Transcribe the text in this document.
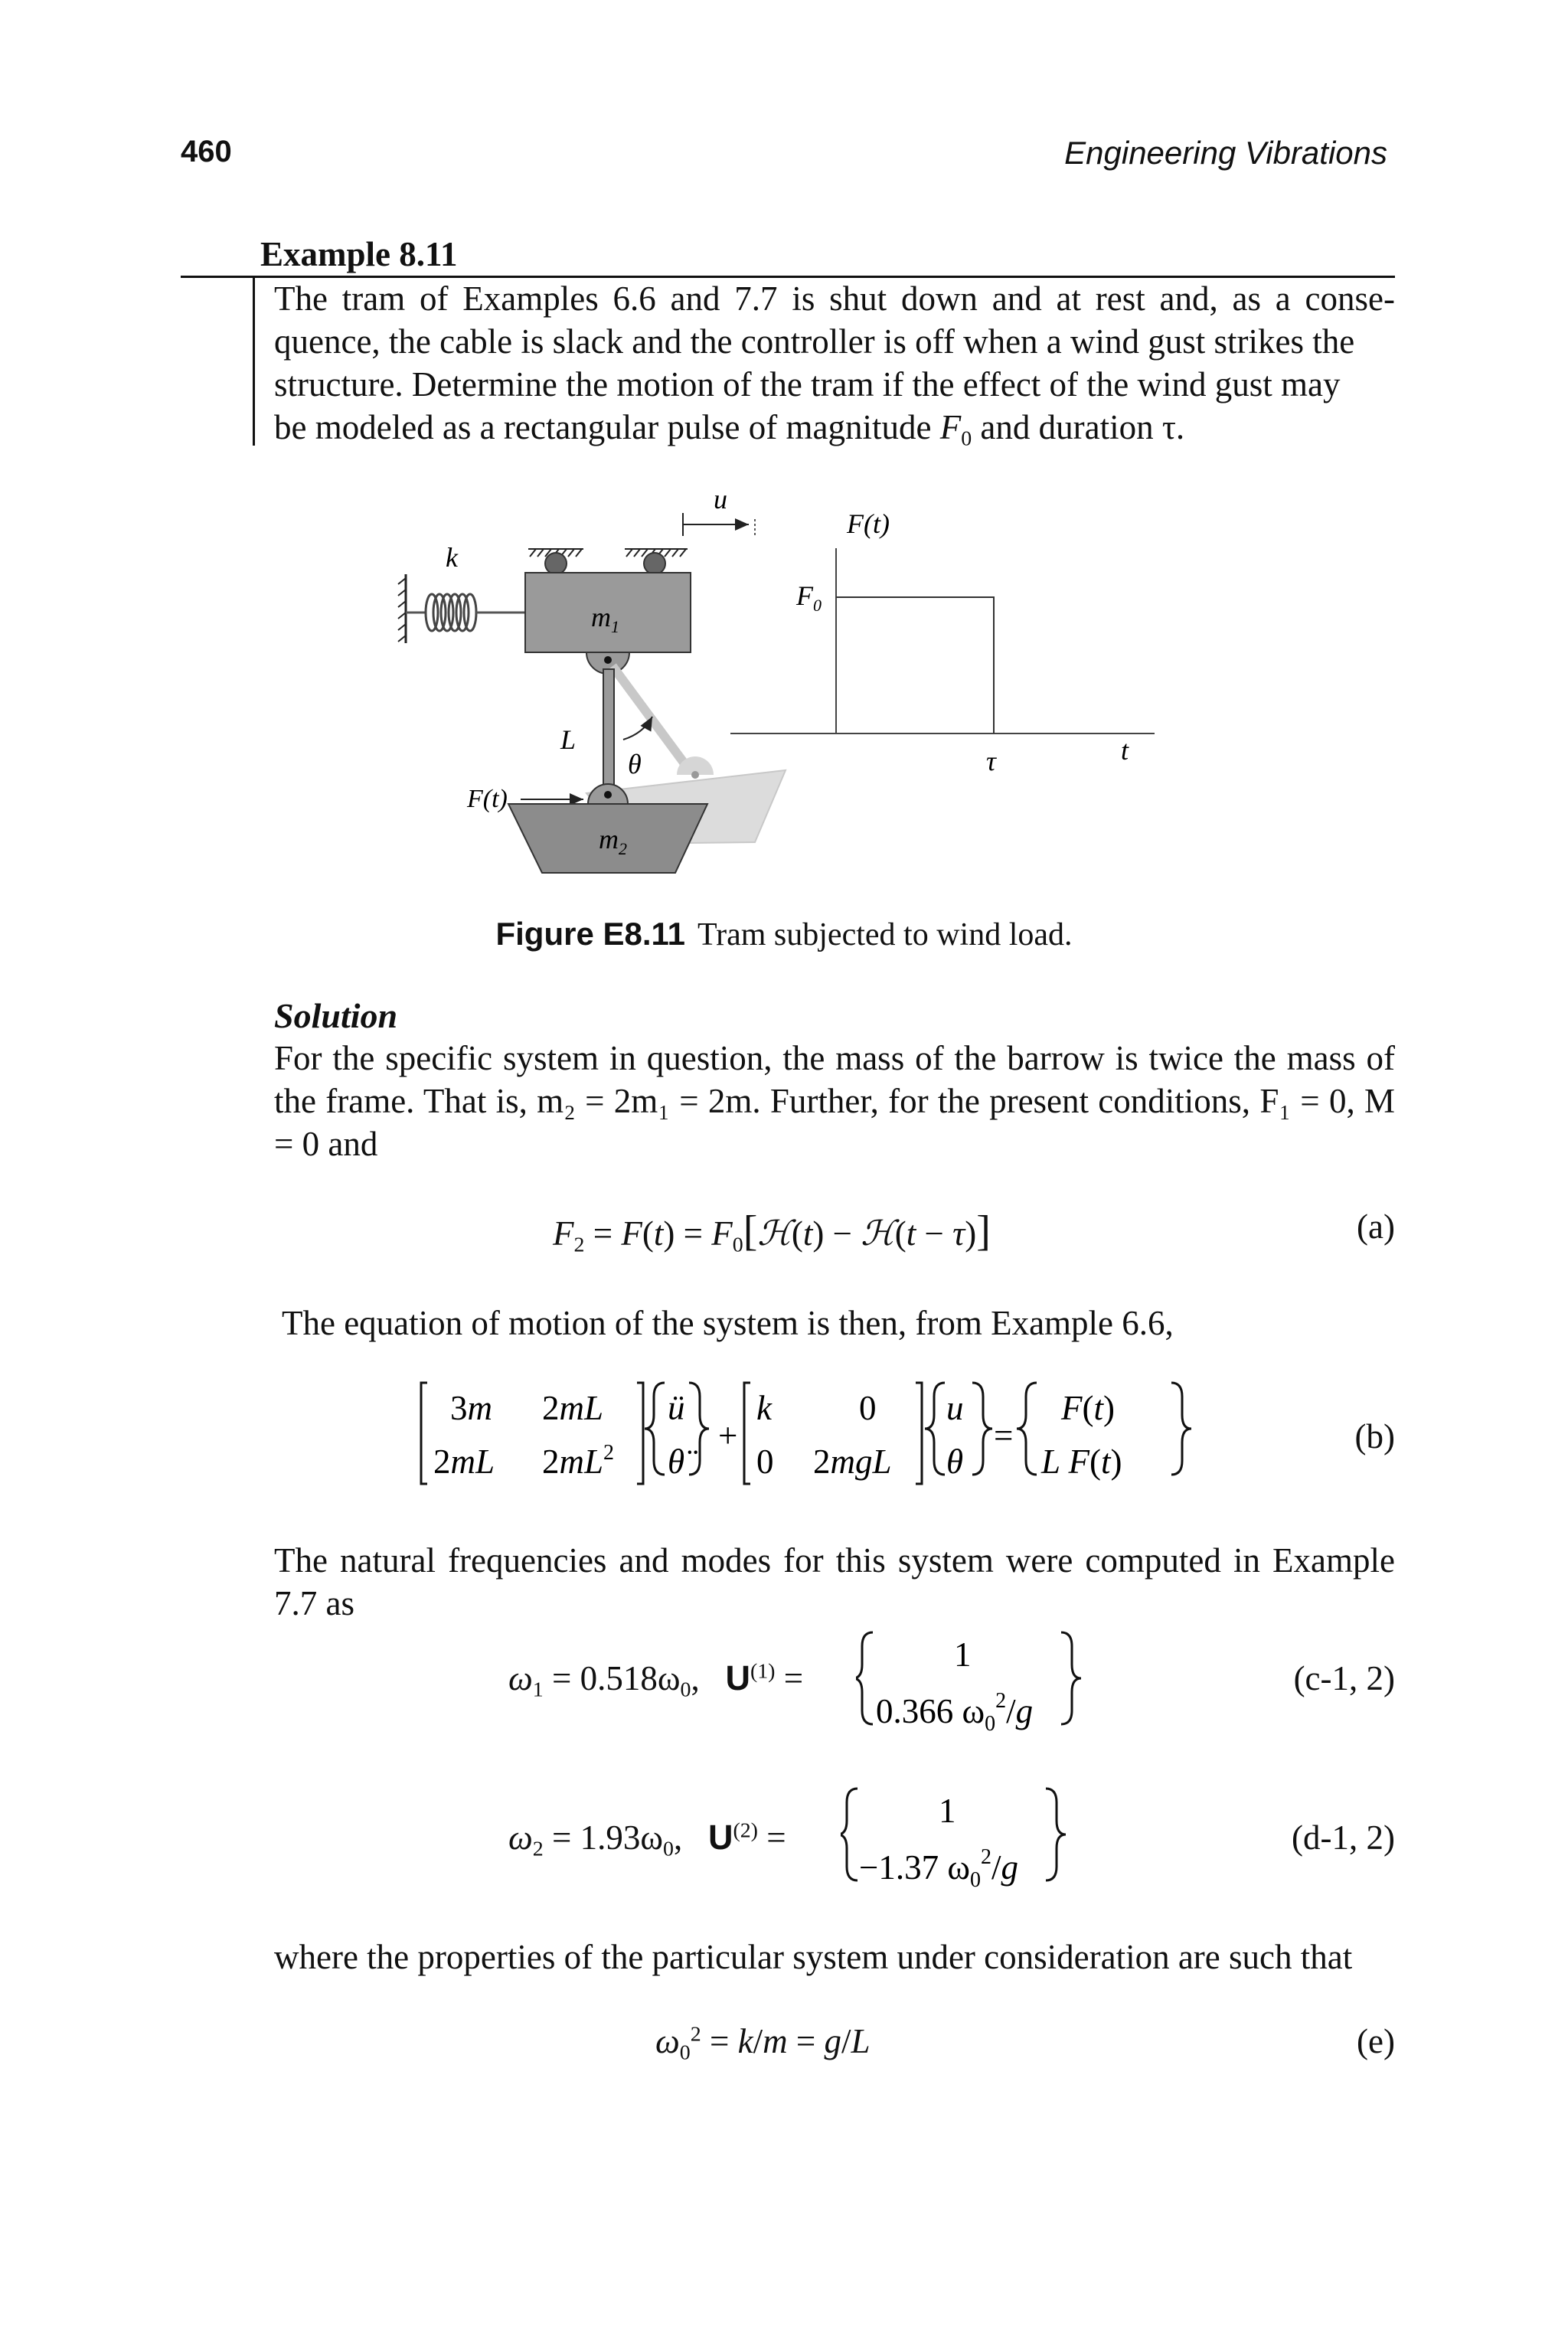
460	Engineering Vibrations
Example 8.11
The tram of Examples 6.6 and 7.7 is shut down and at rest and, as a conse-
quence, the cable is slack and the controller is off when a wind gust strikes the
structure. Determine the motion of the tram if the effect of the wind gust may
be modeled as a rectangular pulse of magnitude $F_0$ and duration τ.
u
k
$m_1$
L
θ
F(t)
$m_2$
F(t)
$F_0$
τ	t
Figure E8.11 Tram subjected to wind load.
Solution
For the specific system in question, the mass of the barrow is twice the mass of
the frame. That is, m₂ = 2m₁ = 2m. Further, for the present conditions, F₁ = 0, M
= 0 and
$F_2 = F(t)$ = $F_0[ℋ(t)$ − ℋ(t − τ)]	(a)
The equation of motion of the system is then, from Example 6.6,
3m 2mL
2mL $2mL^2$
ü
θ̈
+
k	0
0 2mgL
u
θ
=
F(t)
L F(t)
(b)
The natural frequencies and modes for this system were computed in Example
7.7 as
$\omega_1 = 0.518\omega_0$,   $U^{(1)}$ =
1
0.366 $\omega_0^2/g$
(c-1, 2)
$\omega_2 = 1.93\omega_0$,   $U^{(2)}$ =
1
−1.37 $\omega_0^2/g$
(d-1, 2)
where the properties of the particular system under consideration are such that
$\omega_0^2 = k/m = g/L$	(e)
